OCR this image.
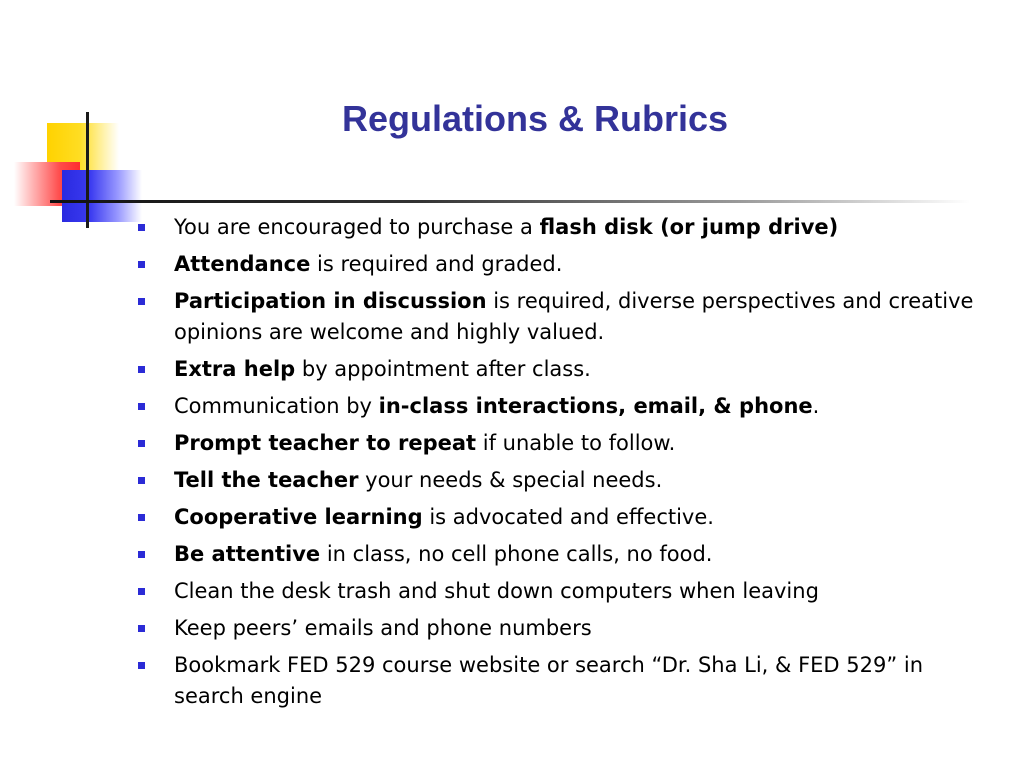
Regulations & Rubrics
You are encouraged to purchase a flash disk (or jump drive)
Attendance is required and graded.
Participation in discussion is required, diverse perspectives and creative opinions are welcome and highly valued.
Extra help by appointment after class.
Communication by in-class interactions, email, & phone.
Prompt teacher to repeat if unable to follow.
Tell the teacher your needs & special needs.
Cooperative learning is advocated and effective.
Be attentive in class, no cell phone calls, no food.
Clean the desk trash and shut down computers when leaving
Keep peers’ emails and phone numbers
Bookmark FED 529 course website or search “Dr. Sha Li, & FED 529” in search engine
